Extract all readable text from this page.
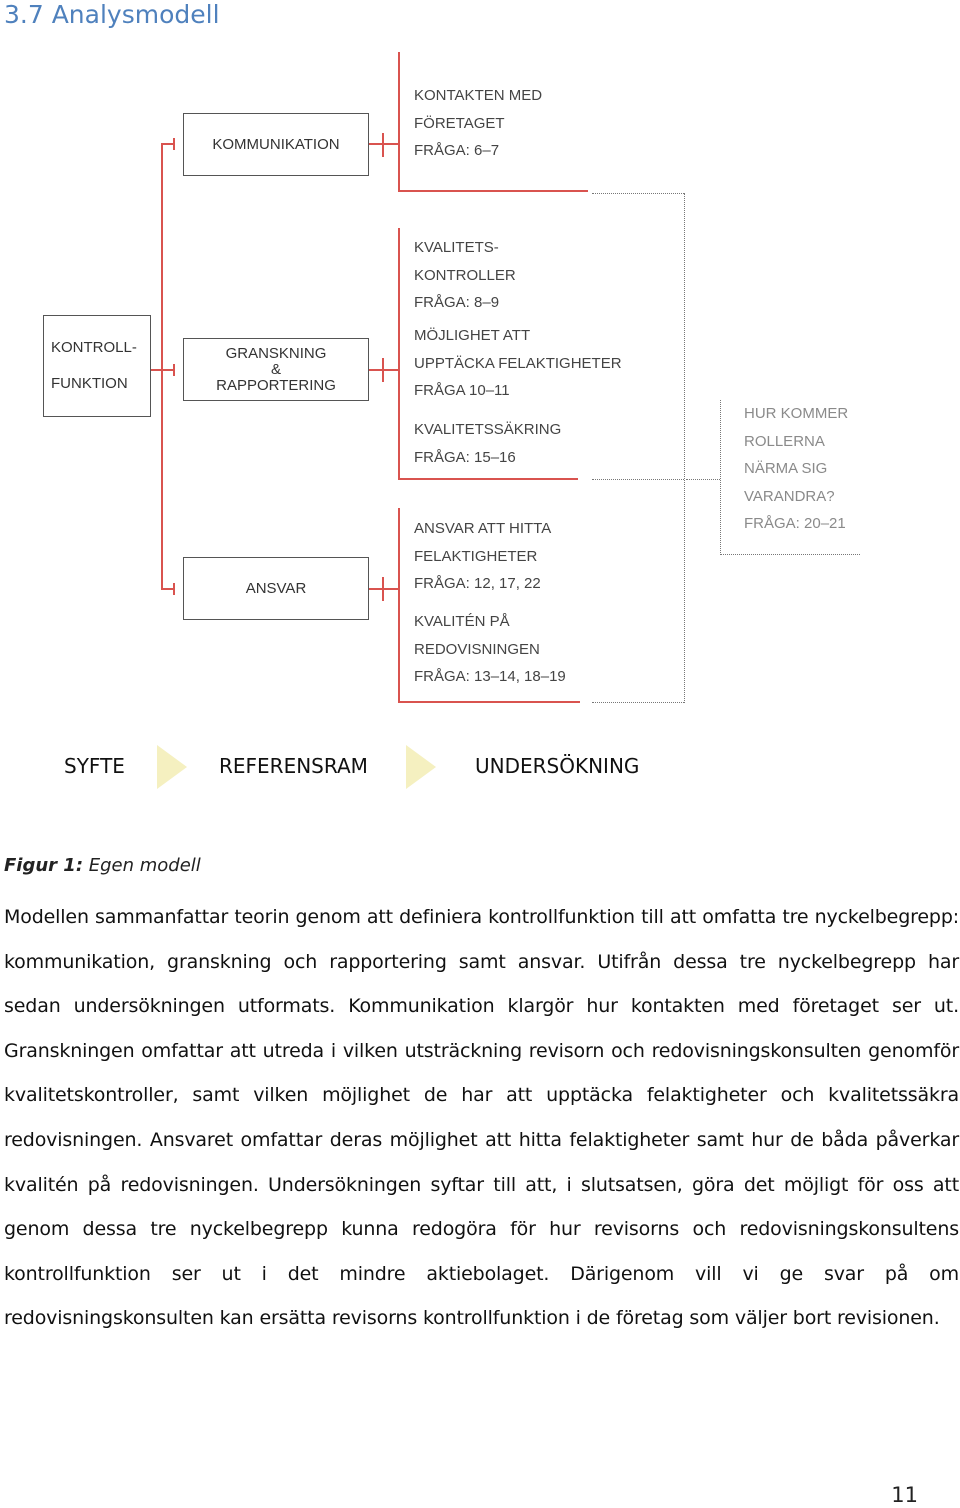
3.7 Analysmodell
KONTROLL-
FUNKTION
KOMMUNIKATION
GRANSKNING
&
RAPPORTERING
ANSVAR
KONTAKTEN MED
FÖRETAGET
FRÅGA: 6–7
KVALITETS-
KONTROLLER
FRÅGA: 8–9
MÖJLIGHET ATT
UPPTÄCKA FELAKTIGHETER
FRÅGA 10–11
KVALITETSSÄKRING
FRÅGA: 15–16
ANSVAR ATT HITTA
FELAKTIGHETER
FRÅGA: 12, 17, 22
KVALITÉN PÅ
REDOVISNINGEN
FRÅGA: 13–14, 18–19
HUR KOMMER
ROLLERNA
NÄRMA SIG
VARANDRA?
FRÅGA: 20–21
SYFTE	REFERENSRAM	UNDERSÖKNING
Figur 1: Egen modell
Modellen sammanfattar teorin genom att definiera kontrollfunktion till att omfatta tre nyckelbegrepp: kommunikation, granskning och rapportering samt ansvar. Utifrån dessa tre nyckelbegrepp har sedan undersökningen utformats. Kommunikation klargör hur kontakten med företaget ser ut. Granskningen omfattar att utreda i vilken utsträckning revisorn och redovisningskonsulten genomför kvalitetskontroller, samt vilken möjlighet de har att upptäcka felaktigheter och kvalitetssäkra redovisningen. Ansvaret omfattar deras möjlighet att hitta felaktigheter samt hur de båda påverkar kvalitén på redovisningen. Undersökningen syftar till att, i slutsatsen, göra det möjligt för oss att genom dessa tre nyckelbegrepp kunna redogöra för hur revisorns och redovisningskonsultens kontrollfunktion ser ut i det mindre aktiebolaget. Därigenom vill vi ge svar på om redovisningskonsulten kan ersätta revisorns kontrollfunktion i de företag som väljer bort revisionen.
11
